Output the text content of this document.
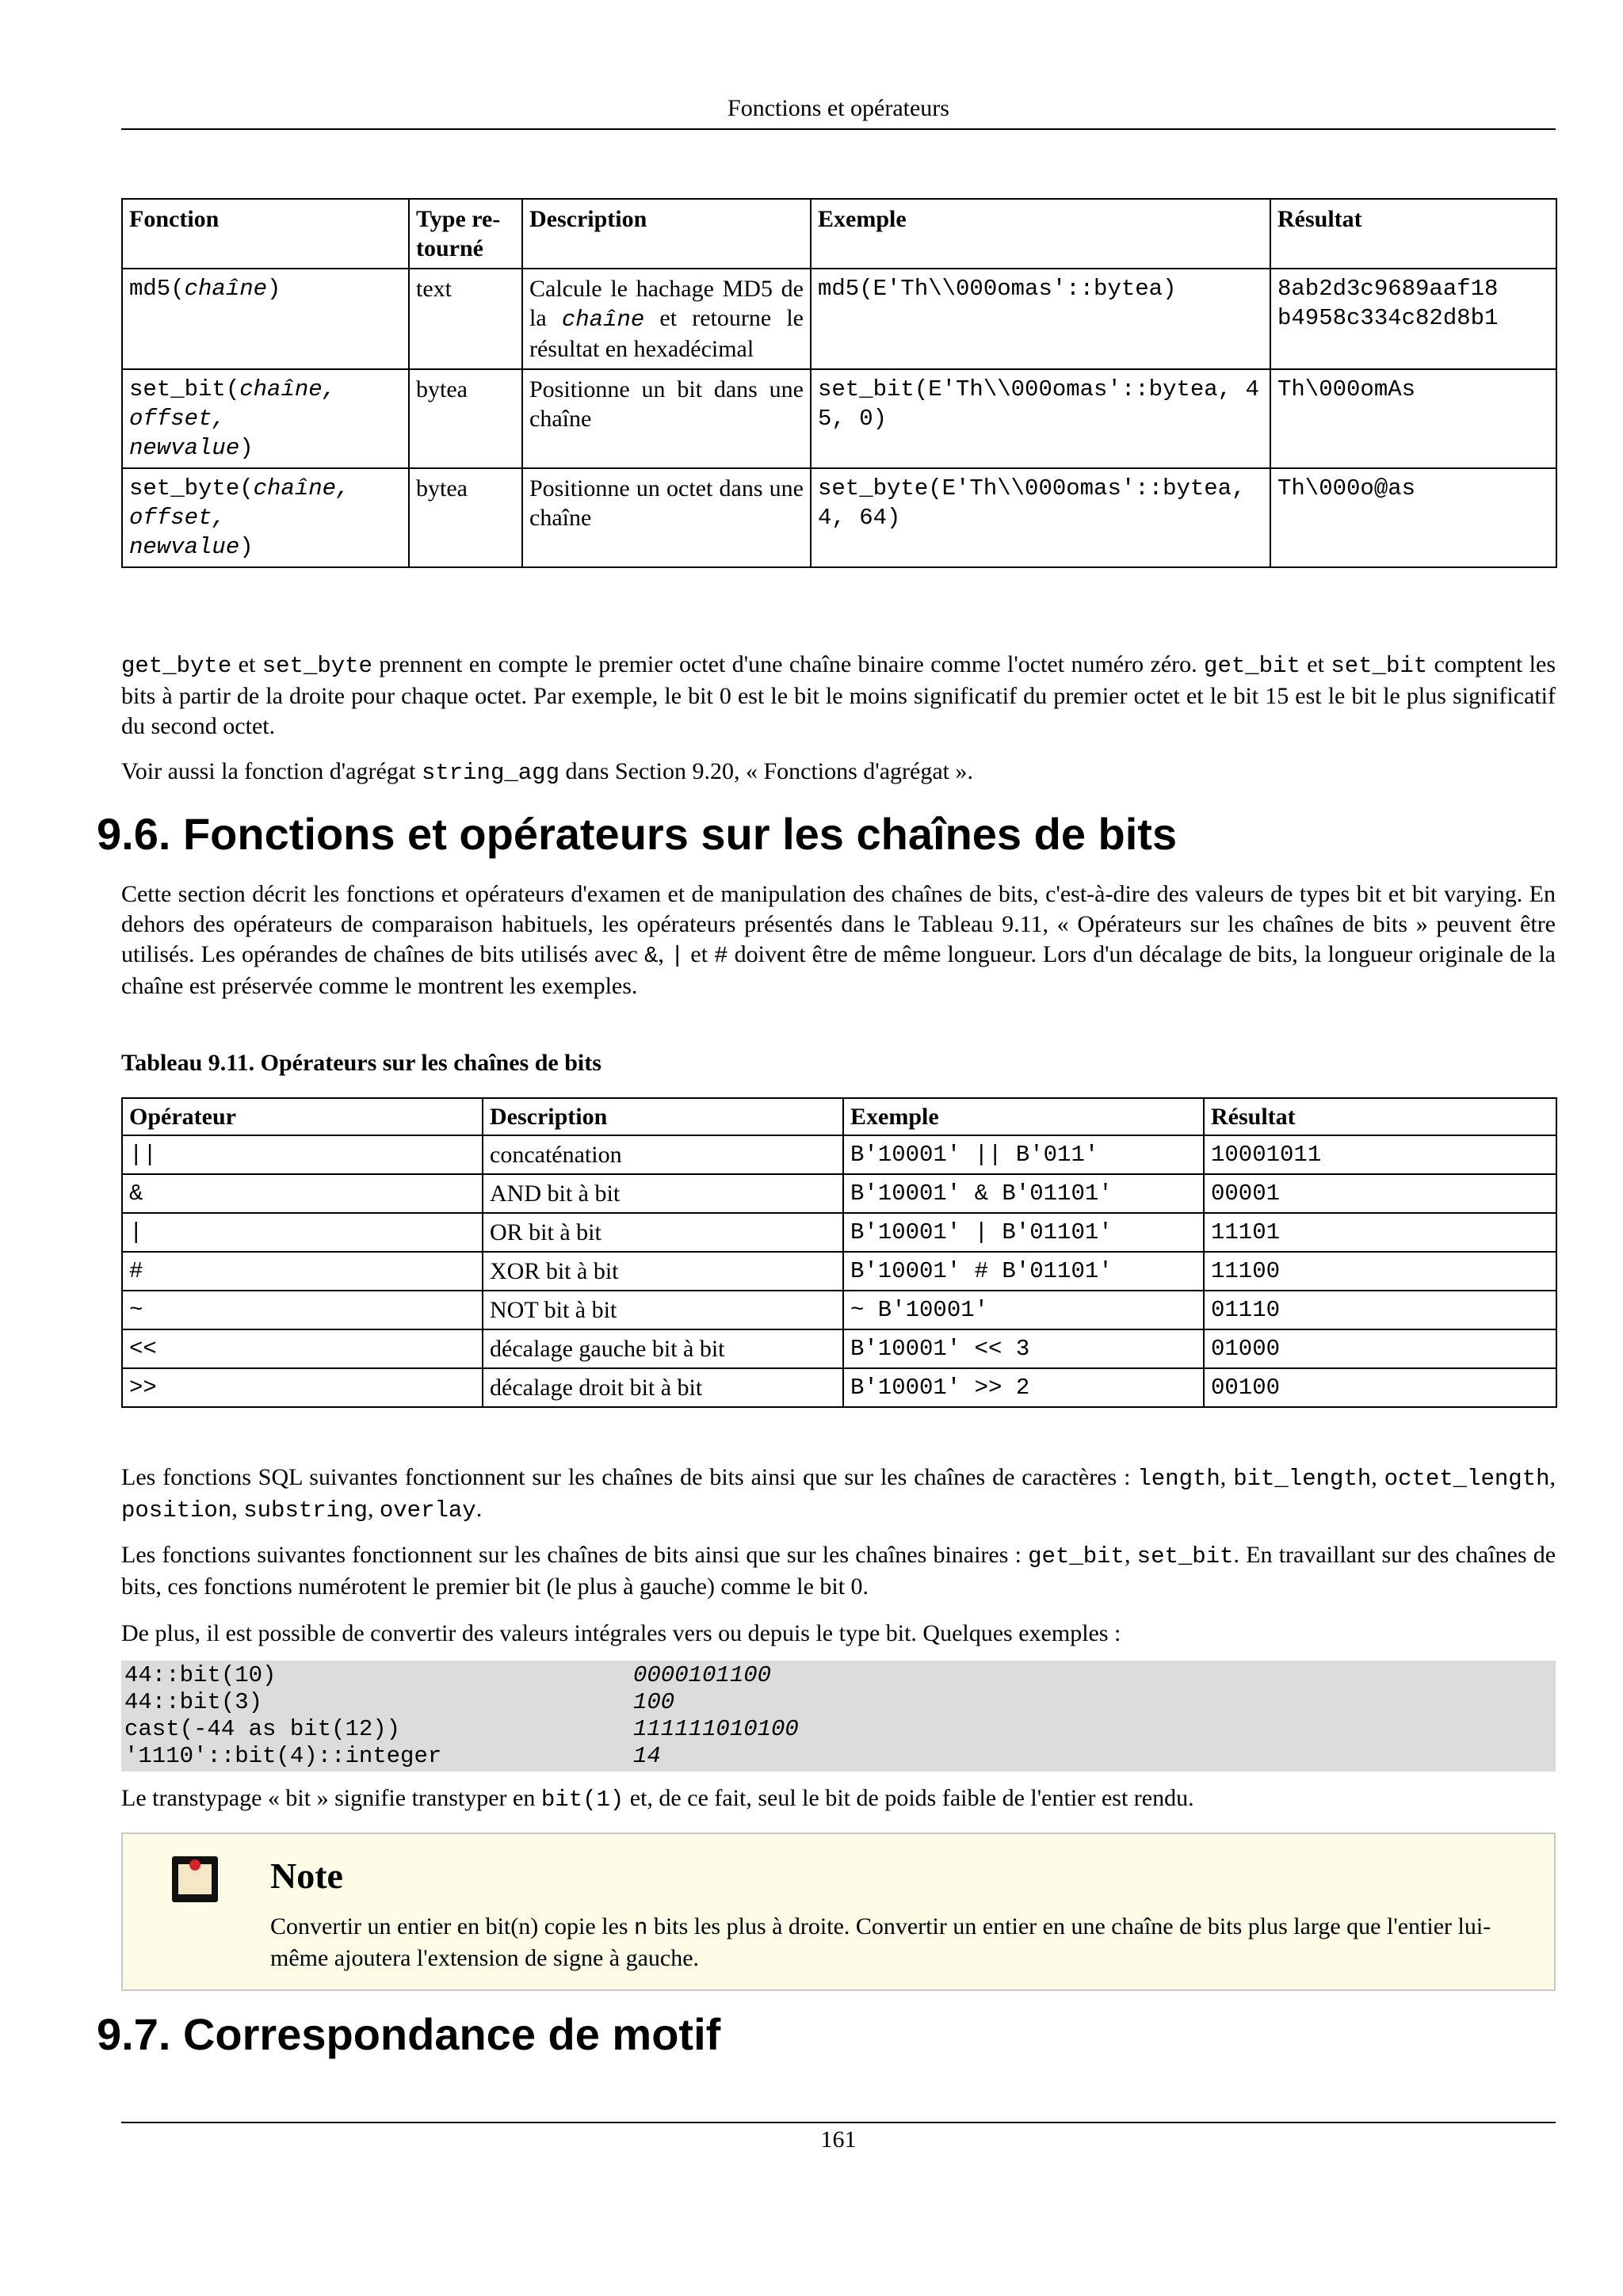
Fonctions et opérateurs
Fonction	Type re-tourné	Description	Exemple	Résultat
md5(chaîne)	text	Calcule le hachage MD5 de la chaîne et retourne le résultat en hexadécimal	md5(E'Th\\000omas'::bytea)	8ab2d3c9689aaf18 b4958c334c82d8b1
set_bit(chaîne,
offset,
newvalue)	bytea	Positionne un bit dans une chaîne	set_bit(E'Th\\000omas'::bytea, 45, 0)	Th\000omAs
set_byte(chaîne,
offset,
newvalue)	bytea	Positionne un octet dans une chaîne	set_byte(E'Th\\000omas'::bytea, 4, 64)	Th\000o@as
get_byte et set_byte prennent en compte le premier octet d'une chaîne binaire comme l'octet numéro zéro. get_bit et set_bit comptent les bits à partir de la droite pour chaque octet. Par exemple, le bit 0 est le bit le moins significatif du premier octet et le bit 15 est le bit le plus significatif du second octet.
Voir aussi la fonction d'agrégat string_agg dans Section 9.20, « Fonctions d'agrégat ».
9.6. Fonctions et opérateurs sur les chaînes de bits
Cette section décrit les fonctions et opérateurs d'examen et de manipulation des chaînes de bits, c'est-à-dire des valeurs de types bit et bit varying. En dehors des opérateurs de comparaison habituels, les opérateurs présentés dans le Tableau 9.11, « Opérateurs sur les chaînes de bits » peuvent être utilisés. Les opérandes de chaînes de bits utilisés avec &, | et # doivent être de même longueur. Lors d'un décalage de bits, la longueur originale de la chaîne est préservée comme le montrent les exemples.
Tableau 9.11. Opérateurs sur les chaînes de bits
Opérateur	Description	Exemple	Résultat
||	concaténation	B'10001' || B'011'	10001011
&	AND bit à bit	B'10001' & B'01101'	00001
|	OR bit à bit	B'10001' | B'01101'	11101
#	XOR bit à bit	B'10001' # B'01101'	11100
~	NOT bit à bit	~ B'10001'	01110
<<	décalage gauche bit à bit	B'10001' << 3	01000
>>	décalage droit bit à bit	B'10001' >> 2	00100
Les fonctions SQL suivantes fonctionnent sur les chaînes de bits ainsi que sur les chaînes de caractères : length, bit_length, octet_length, position, substring, overlay.
Les fonctions suivantes fonctionnent sur les chaînes de bits ainsi que sur les chaînes binaires : get_bit, set_bit. En travaillant sur des chaînes de bits, ces fonctions numérotent le premier bit (le plus à gauche) comme le bit 0.
De plus, il est possible de convertir des valeurs intégrales vers ou depuis le type bit. Quelques exemples :
44::bit(10)	0000101100
44::bit(3)	100
cast(-44 as bit(12))	111111010100
'1110'::bit(4)::integer	14
Le transtypage « bit » signifie transtyper en bit(1) et, de ce fait, seul le bit de poids faible de l'entier est rendu.
Note
Convertir un entier en bit(n) copie les n bits les plus à droite. Convertir un entier en une chaîne de bits plus large que l'entier lui-même ajoutera l'extension de signe à gauche.
9.7. Correspondance de motif
161
